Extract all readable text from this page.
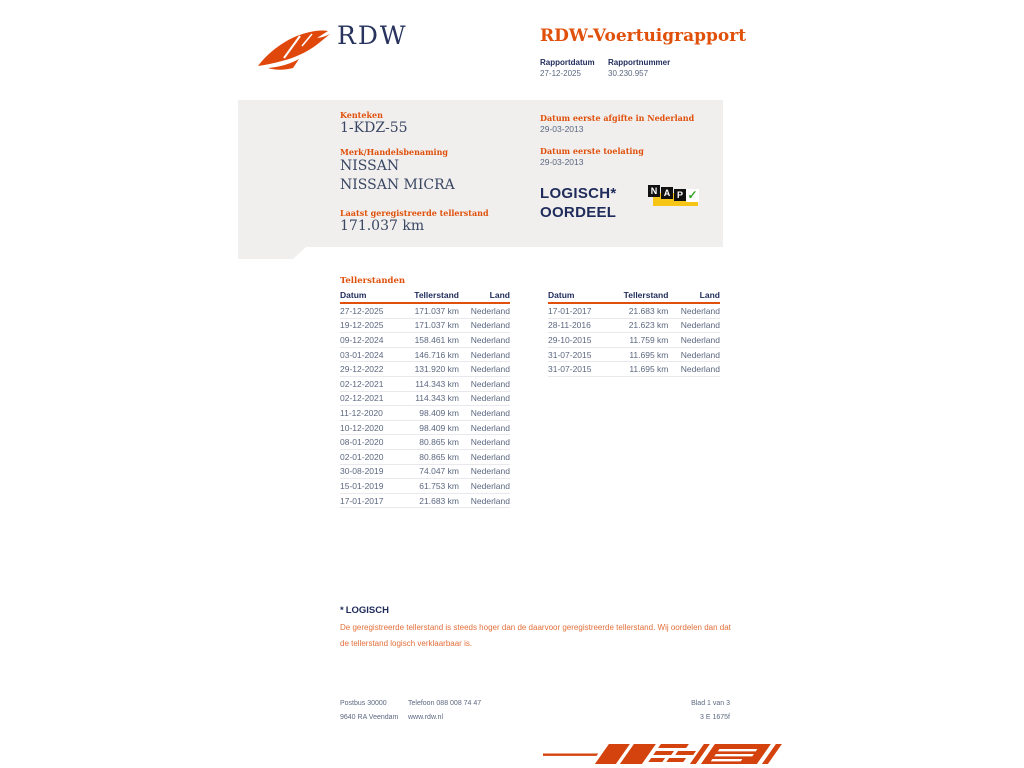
RDW	RDW-Voertuigrapport
Rapportdatum Rapportnummer
27-12-2025	30.230.957
Kenteken
1-KDZ-55
Merk/Handelsbenaming
NISSAN NISSAN MICRA
Laatst geregistreerde tellerstand
171.037 km
Datum eerste afgifte in Nederland
29-03-2013
Datum eerste toelating
29-03-2013
LOGISCH*
OORDEEL
N A P ✓
Tellerstanden
Datum	Tellerstand	Land
27-12-2025	171.037 km	Nederland
19-12-2025	171.037 km	Nederland
09-12-2024	158.461 km	Nederland
03-01-2024	146.716 km	Nederland
29-12-2022	131.920 km	Nederland
02-12-2021	114.343 km	Nederland
02-12-2021	114.343 km	Nederland
11-12-2020	98.409 km	Nederland
10-12-2020	98.409 km	Nederland
08-01-2020	80.865 km	Nederland
02-01-2020	80.865 km	Nederland
30-08-2019	74.047 km	Nederland
15-01-2019	61.753 km	Nederland
17-01-2017	21.683 km	Nederland
Datum	Tellerstand	Land
17-01-2017	21.683 km	Nederland
28-11-2016	21.623 km	Nederland
29-10-2015	11.759 km	Nederland
31-07-2015	11.695 km	Nederland
31-07-2015	11.695 km	Nederland
* LOGISCH
De geregistreerde tellerstand is steeds hoger dan de daarvoor geregistreerde tellerstand. Wij oordelen dan dat de tellerstand logisch verklaarbaar is.
Postbus 30000
9640 RA Veendam
Telefoon 088 008 74 47
www.rdw.nl
Blad 1 van 3
3 E 1675f
